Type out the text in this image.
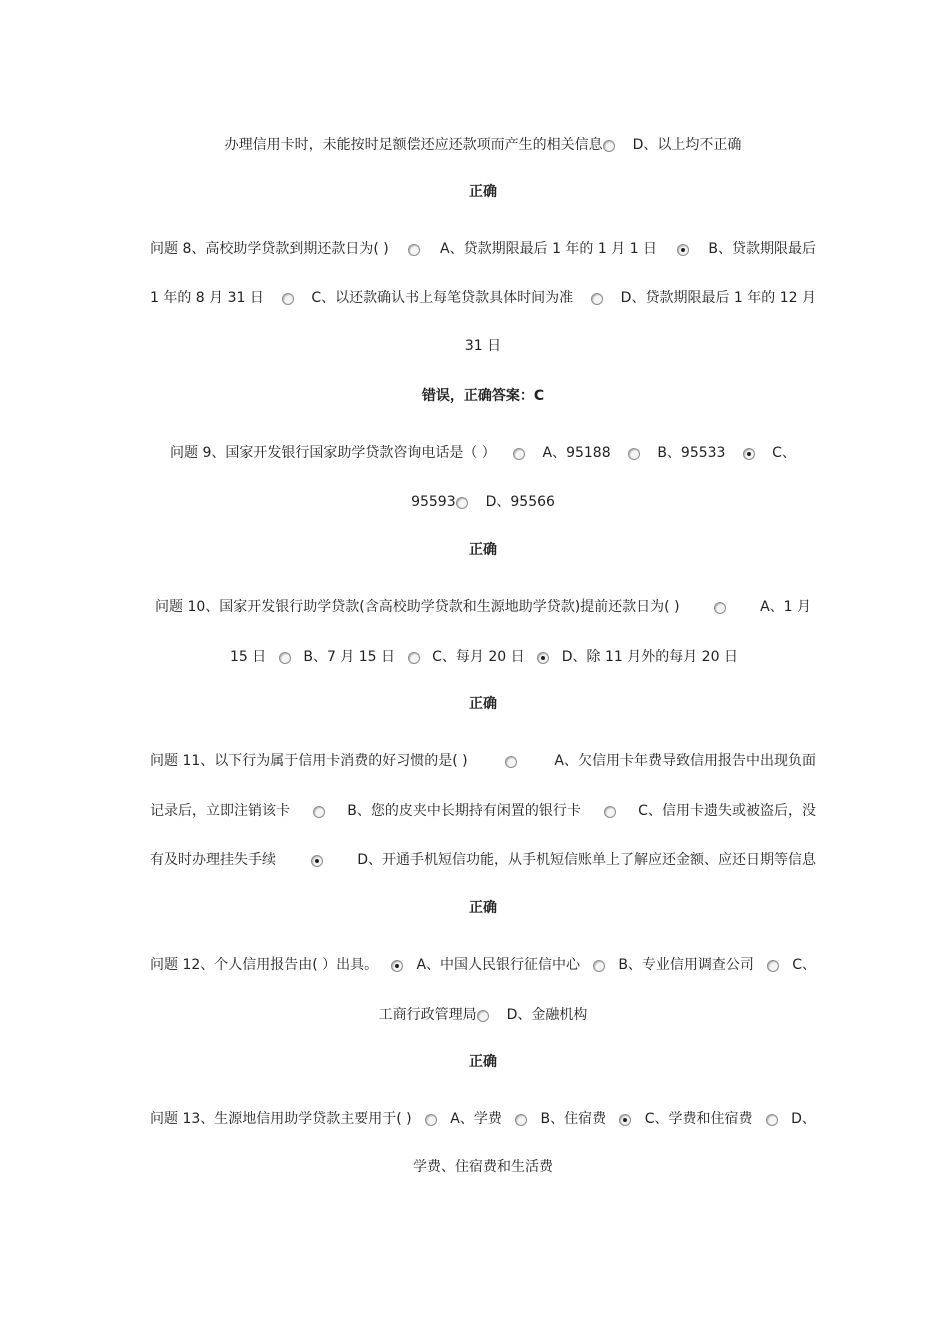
办理信用卡时，未能按时足额偿还应还款项而产生的相关信息 D、以上均不正确
正确
问题 8、高校助学贷款到期还款日为( )	A、贷款期限最后 1 年的 1 月 1 日	B、贷款期限最后
1 年的 8 月 31 日	C、以还款确认书上每笔贷款具体时间为准	D、贷款期限最后 1 年的 12 月
31 日
错误，正确答案：C
问题 9、国家开发银行国家助学贷款咨询电话是（ ）	A、95188	B、95533	C、
95593 D、95566
正确
问题 10、国家开发银行助学贷款(含高校助学贷款和生源地助学贷款)提前还款日为( )	A、1 月
15 日	B、7 月 15 日	C、每月 20 日	D、除 11 月外的每月 20 日
正确
问题 11、以下行为属于信用卡消费的好习惯的是( )	A、欠信用卡年费导致信用报告中出现负面
记录后，立即注销该卡	B、您的皮夹中长期持有闲置的银行卡	C、信用卡遗失或被盗后，没
有及时办理挂失手续	D、开通手机短信功能，从手机短信账单上了解应还金额、应还日期等信息
正确
问题 12、个人信用报告由( ）出具。	A、中国人民银行征信中心	B、专业信用调查公司	C、
工商行政管理局 D、金融机构
正确
问题 13、生源地信用助学贷款主要用于( )	A、学费	B、住宿费	C、学费和住宿费	D、
学费、住宿费和生活费
